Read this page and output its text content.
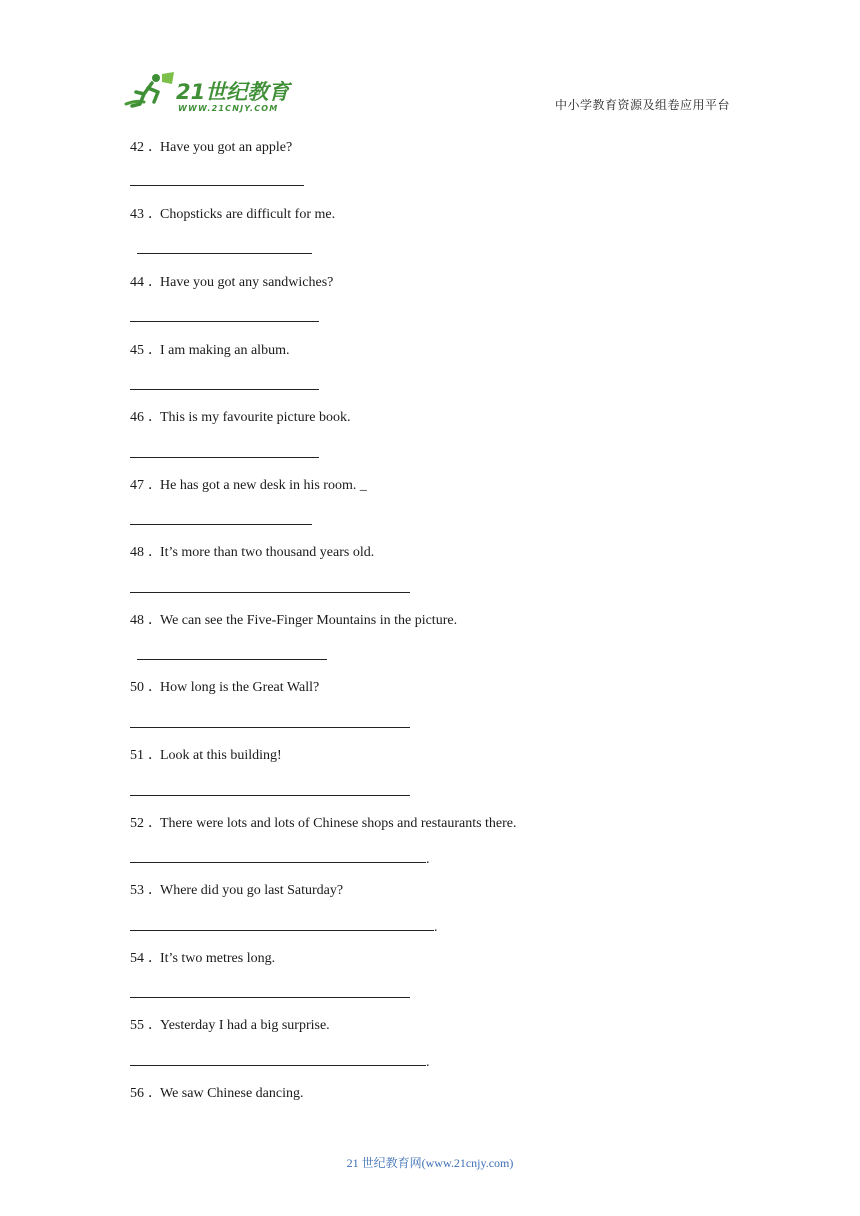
21世纪教育
WWW.21CNJY.COM	中小学教育资源及组卷应用平台
42 ．Have you got an apple?
43 ．Chopsticks are difficult for me.
44 ．Have you got any sandwiches?
45 ．I am making an album.
46 ．This is my favourite picture book.
47 ．He has got a new desk in his room. _
48 ．It’s more than two thousand years old.
48 ．We can see the Five-Finger Mountains in the picture.
50 ．How long is the Great Wall?
51 ．Look at this building!
52 ．There were lots and lots of Chinese shops and restaurants there.
.
53 ．Where did you go last Saturday?
.
54 ．It’s two metres long.
55 ．Yesterday I had a big surprise.
.
56 ．We saw Chinese dancing.
21 世纪教育网(www.21cnjy.com)
